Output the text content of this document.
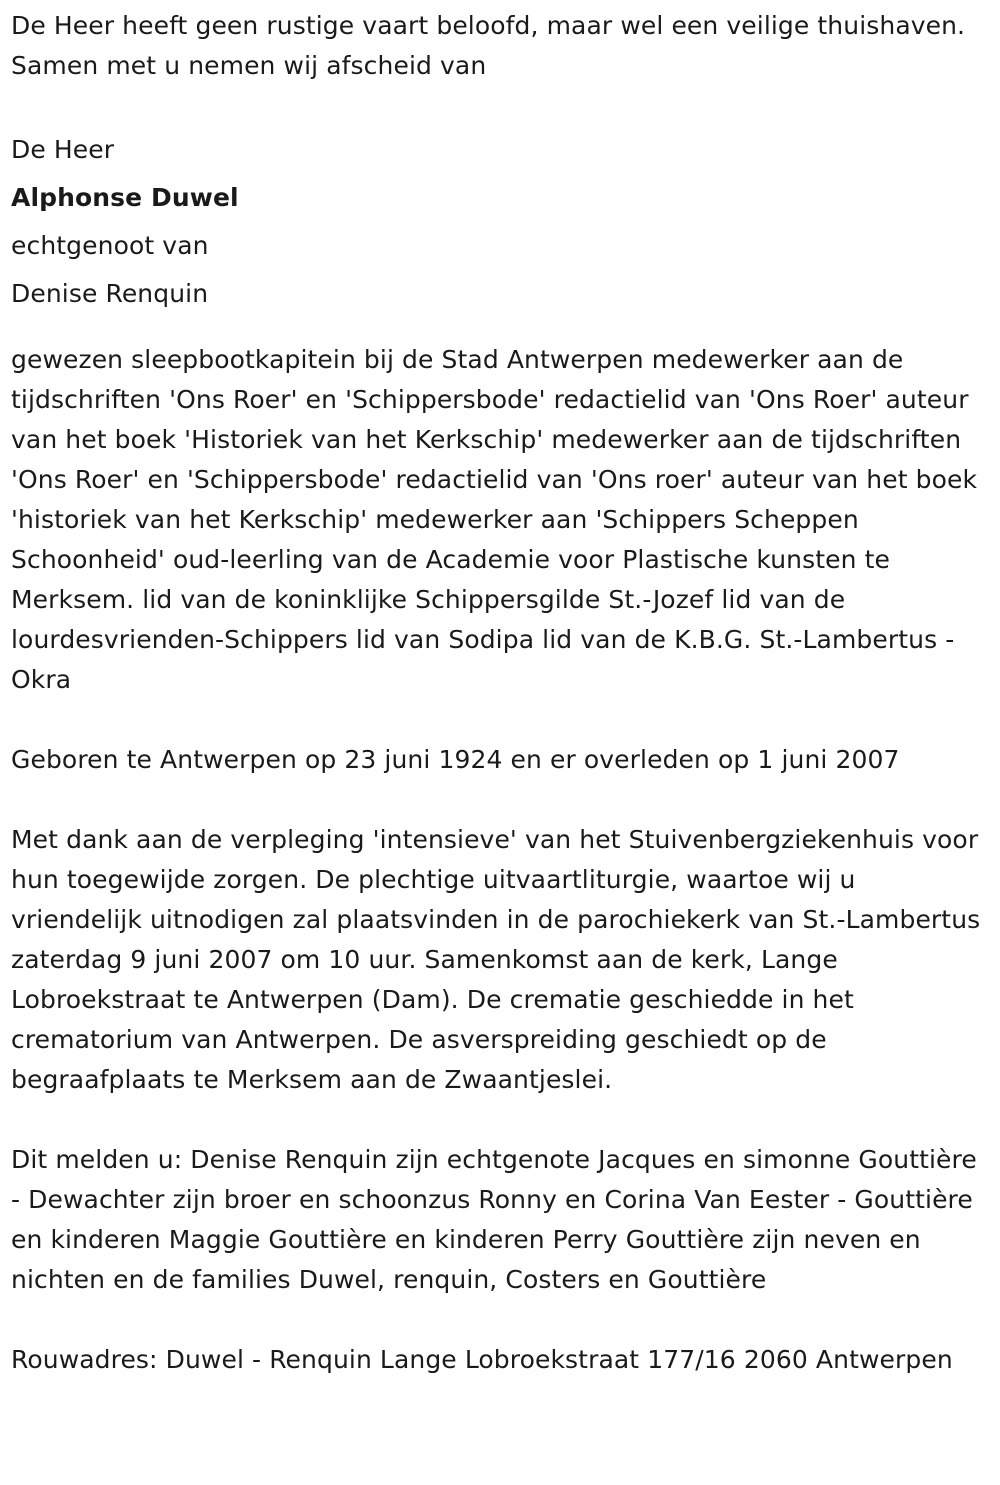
De Heer heeft geen rustige vaart beloofd, maar wel een veilige thuishaven. Samen met u nemen wij afscheid van

De Heer
Alphonse Duwel
echtgenoot van
Denise Renquin

gewezen sleepbootkapitein bij de Stad Antwerpen medewerker aan de tijdschriften 'Ons Roer' en 'Schippersbode' redactielid van 'Ons Roer' auteur van het boek 'Historiek van het Kerkschip' medewerker aan de tijdschriften 'Ons Roer' en 'Schippersbode' redactielid van 'Ons roer' auteur van het boek 'historiek van het Kerkschip' medewerker aan 'Schippers Scheppen Schoonheid' oud-leerling van de Academie voor Plastische kunsten te Merksem. lid van de koninklijke Schippersgilde St.-Jozef lid van de lourdesvrienden-Schippers lid van Sodipa lid van de K.B.G. St.-Lambertus - Okra

Geboren te Antwerpen op 23 juni 1924 en er overleden op 1 juni 2007

Met dank aan de verpleging 'intensieve' van het Stuivenbergziekenhuis voor hun toegewijde zorgen. De plechtige uitvaartliturgie, waartoe wij u vriendelijk uitnodigen zal plaatsvinden in de parochiekerk van St.-Lambertus zaterdag 9 juni 2007 om 10 uur. Samenkomst aan de kerk, Lange Lobroekstraat te Antwerpen (Dam). De crematie geschiedde in het crematorium van Antwerpen. De asverspreiding geschiedt op de begraafplaats te Merksem aan de Zwaantjeslei.

Dit melden u: Denise Renquin zijn echtgenote Jacques en simonne Gouttière - Dewachter zijn broer en schoonzus Ronny en Corina Van Eester - Gouttière en kinderen Maggie Gouttière en kinderen Perry Gouttière zijn neven en nichten en de families Duwel, renquin, Costers en Gouttière

Rouwadres: Duwel - Renquin Lange Lobroekstraat 177/16 2060 Antwerpen
